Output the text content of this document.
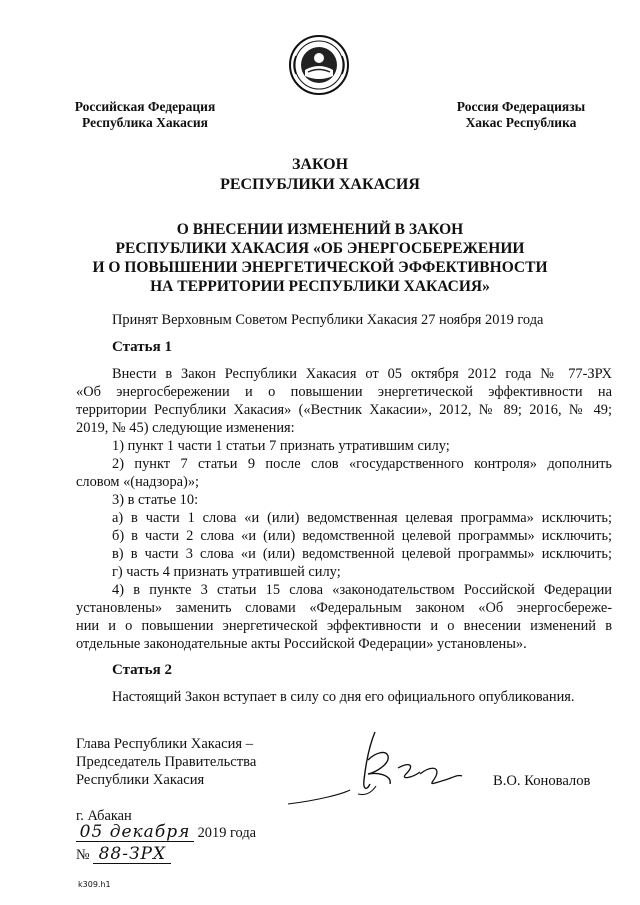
Российская Федерация
Республика Хакасия
Россия Федерациязы
Хакас Республика
ЗАКОН
РЕСПУБЛИКИ ХАКАСИЯ
О ВНЕСЕНИИ ИЗМЕНЕНИЙ В ЗАКОН
РЕСПУБЛИКИ ХАКАСИЯ «ОБ ЭНЕРГОСБЕРЕЖЕНИИ
И О ПОВЫШЕНИИ ЭНЕРГЕТИЧЕСКОЙ ЭФФЕКТИВНОСТИ
НА ТЕРРИТОРИИ РЕСПУБЛИКИ ХАКАСИЯ»
Принят Верховным Советом Республики Хакасия 27 ноября 2019 года
Статья 1
Внести в Закон Республики Хакасия от 05 октября 2012 года № 77-ЗРХ
«Об энергосбережении и о повышении энергетической эффективности на
территории Республики Хакасия» («Вестник Хакасии», 2012, № 89; 2016, № 49;
2019, № 45) следующие изменения:
1) пункт 1 части 1 статьи 7 признать утратившим силу;
2) пункт 7 статьи 9 после слов «государственного контроля» дополнить
словом «(надзора)»;
3) в статье 10:
а) в части 1 слова «и (или) ведомственная целевая программа» исключить;
б) в части 2 слова «и (или) ведомственной целевой программы» исключить;
в) в части 3 слова «и (или) ведомственной целевой программы» исключить;
г) часть 4 признать утратившей силу;
4) в пункте 3 статьи 15 слова «законодательством Российской Федерации
установлены» заменить словами «Федеральным законом «Об энергосбереже-
нии и о повышении энергетической эффективности и о внесении изменений в
отдельные законодательные акты Российской Федерации» установлены».
Статья 2
Настоящий Закон вступает в силу со дня его официального опубликования.
Глава Республики Хакасия –
Председатель Правительства
Республики Хакасия	В.О. Коновалов
г. Абакан
05 декабря 2019 года
№ 88-ЗРХ
k309.h1
